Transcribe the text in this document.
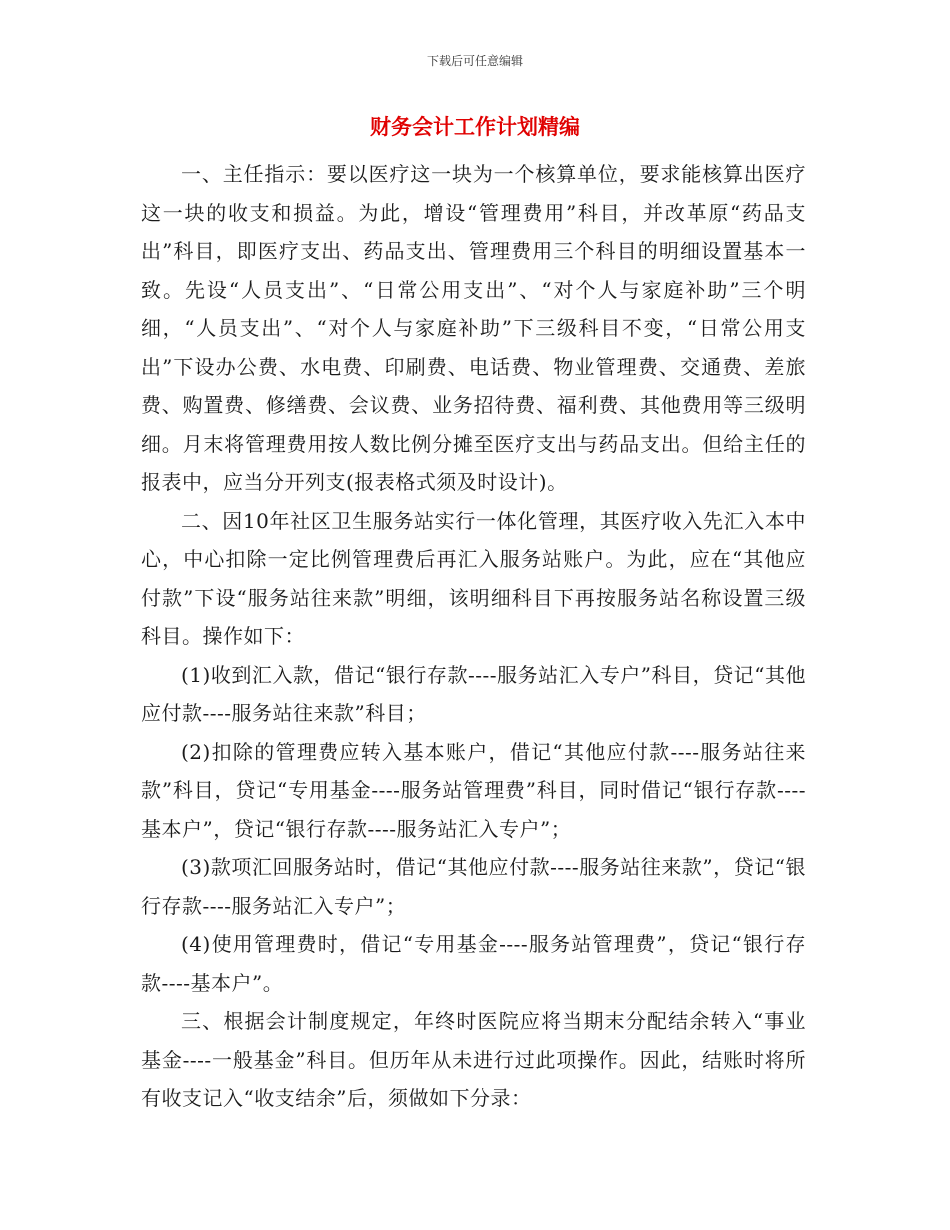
下载后可任意编辑
财务会计工作计划精编

一、主任指示：要以医疗这一块为一个核算单位，要求能核算出医疗这一块的收支和损益。为此，增设“管理费用”科目，并改革原“药品支出”科目，即医疗支出、药品支出、管理费用三个科目的明细设置基本一致。先设“人员支出”、“日常公用支出”、“对个人与家庭补助”三个明细，“人员支出”、“对个人与家庭补助”下三级科目不变，“日常公用支出”下设办公费、水电费、印刷费、电话费、物业管理费、交通费、差旅费、购置费、修缮费、会议费、业务招待费、福利费、其他费用等三级明细。月末将管理费用按人数比例分摊至医疗支出与药品支出。但给主任的报表中，应当分开列支(报表格式须及时设计)。

二、因10年社区卫生服务站实行一体化管理，其医疗收入先汇入本中心，中心扣除一定比例管理费后再汇入服务站账户。为此，应在“其他应付款”下设“服务站往来款”明细，该明细科目下再按服务站名称设置三级科目。操作如下：

(1)收到汇入款，借记“银行存款----服务站汇入专户”科目，贷记“其他应付款----服务站往来款”科目；

(2)扣除的管理费应转入基本账户，借记“其他应付款----服务站往来款”科目，贷记“专用基金----服务站管理费”科目，同时借记“银行存款----基本户”，贷记“银行存款----服务站汇入专户”；

(3)款项汇回服务站时，借记“其他应付款----服务站往来款”，贷记“银行存款----服务站汇入专户”；

(4)使用管理费时，借记“专用基金----服务站管理费”，贷记“银行存款----基本户”。

三、根据会计制度规定，年终时医院应将当期末分配结余转入“事业基金----一般基金”科目。但历年从未进行过此项操作。因此，结账时将所有收支记入“收支结余”后，须做如下分录：
